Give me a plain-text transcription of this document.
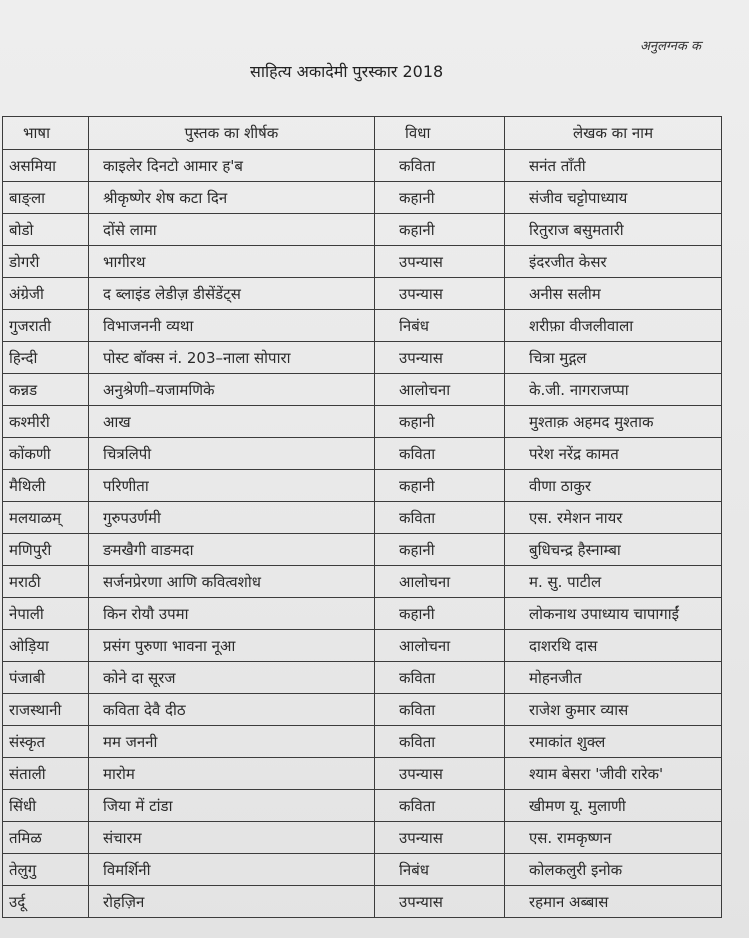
अनुलग्नक क
साहित्य अकादेमी पुरस्कार 2018
भाषा	पुस्तक का शीर्षक	विधा	लेखक का नाम
असमिया	काइलेर दिनटो आमार ह'ब	कविता	सनंत ताँती
बाङ्ला	श्रीकृष्णेर शेष कटा दिन	कहानी	संजीव चट्टोपाध्याय
बोडो	दोंसे लामा	कहानी	रितुराज बसुमतारी
डोगरी	भागीरथ	उपन्यास	इंदरजीत केसर
अंग्रेजी	द ब्लाइंड लेडीज़ डीसेंडेंट्स	उपन्यास	अनीस सलीम
गुजराती	विभाजननी व्यथा	निबंध	शरीफ़ा वीजलीवाला
हिन्दी	पोस्ट बॉक्स नं. 203–नाला सोपारा	उपन्यास	चित्रा मुद्गल
कन्नड	अनुश्रेणी–यजामणिके	आलोचना	के.जी. नागराजप्पा
कश्मीरी	आख	कहानी	मुश्ताक़ अहमद मुश्ताक
कोंकणी	चित्रलिपी	कविता	परेश नरेंद्र कामत
मैथिली	परिणीता	कहानी	वीणा ठाकुर
मलयाळम्	गुरुपउर्णमी	कविता	एस. रमेशन नायर
मणिपुरी	ङमखैगी वाङमदा	कहानी	बुधिचन्द्र हैस्नाम्बा
मराठी	सर्जनप्रेरणा आणि कवित्वशोध	आलोचना	म. सु. पाटील
नेपाली	किन रोयौ उपमा	कहानी	लोकनाथ उपाध्याय चापागाईं
ओड़िया	प्रसंग पुरुणा भावना नूआ	आलोचना	दाशरथि दास
पंजाबी	कोने दा सूरज	कविता	मोहनजीत
राजस्थानी	कविता देवै दीठ	कविता	राजेश कुमार व्यास
संस्कृत	मम जननी	कविता	रमाकांत शुक्ल
संताली	मारोम	उपन्यास	श्याम बेसरा 'जीवी रारेक'
सिंधी	जिया में टांडा	कविता	खीमण यू. मुलाणी
तमिळ	संचारम	उपन्यास	एस. रामकृष्णन
तेलुगु	विमर्शिनी	निबंध	कोलकलुरी इनोक
उर्दू	रोहज़िन	उपन्यास	रहमान अब्बास
